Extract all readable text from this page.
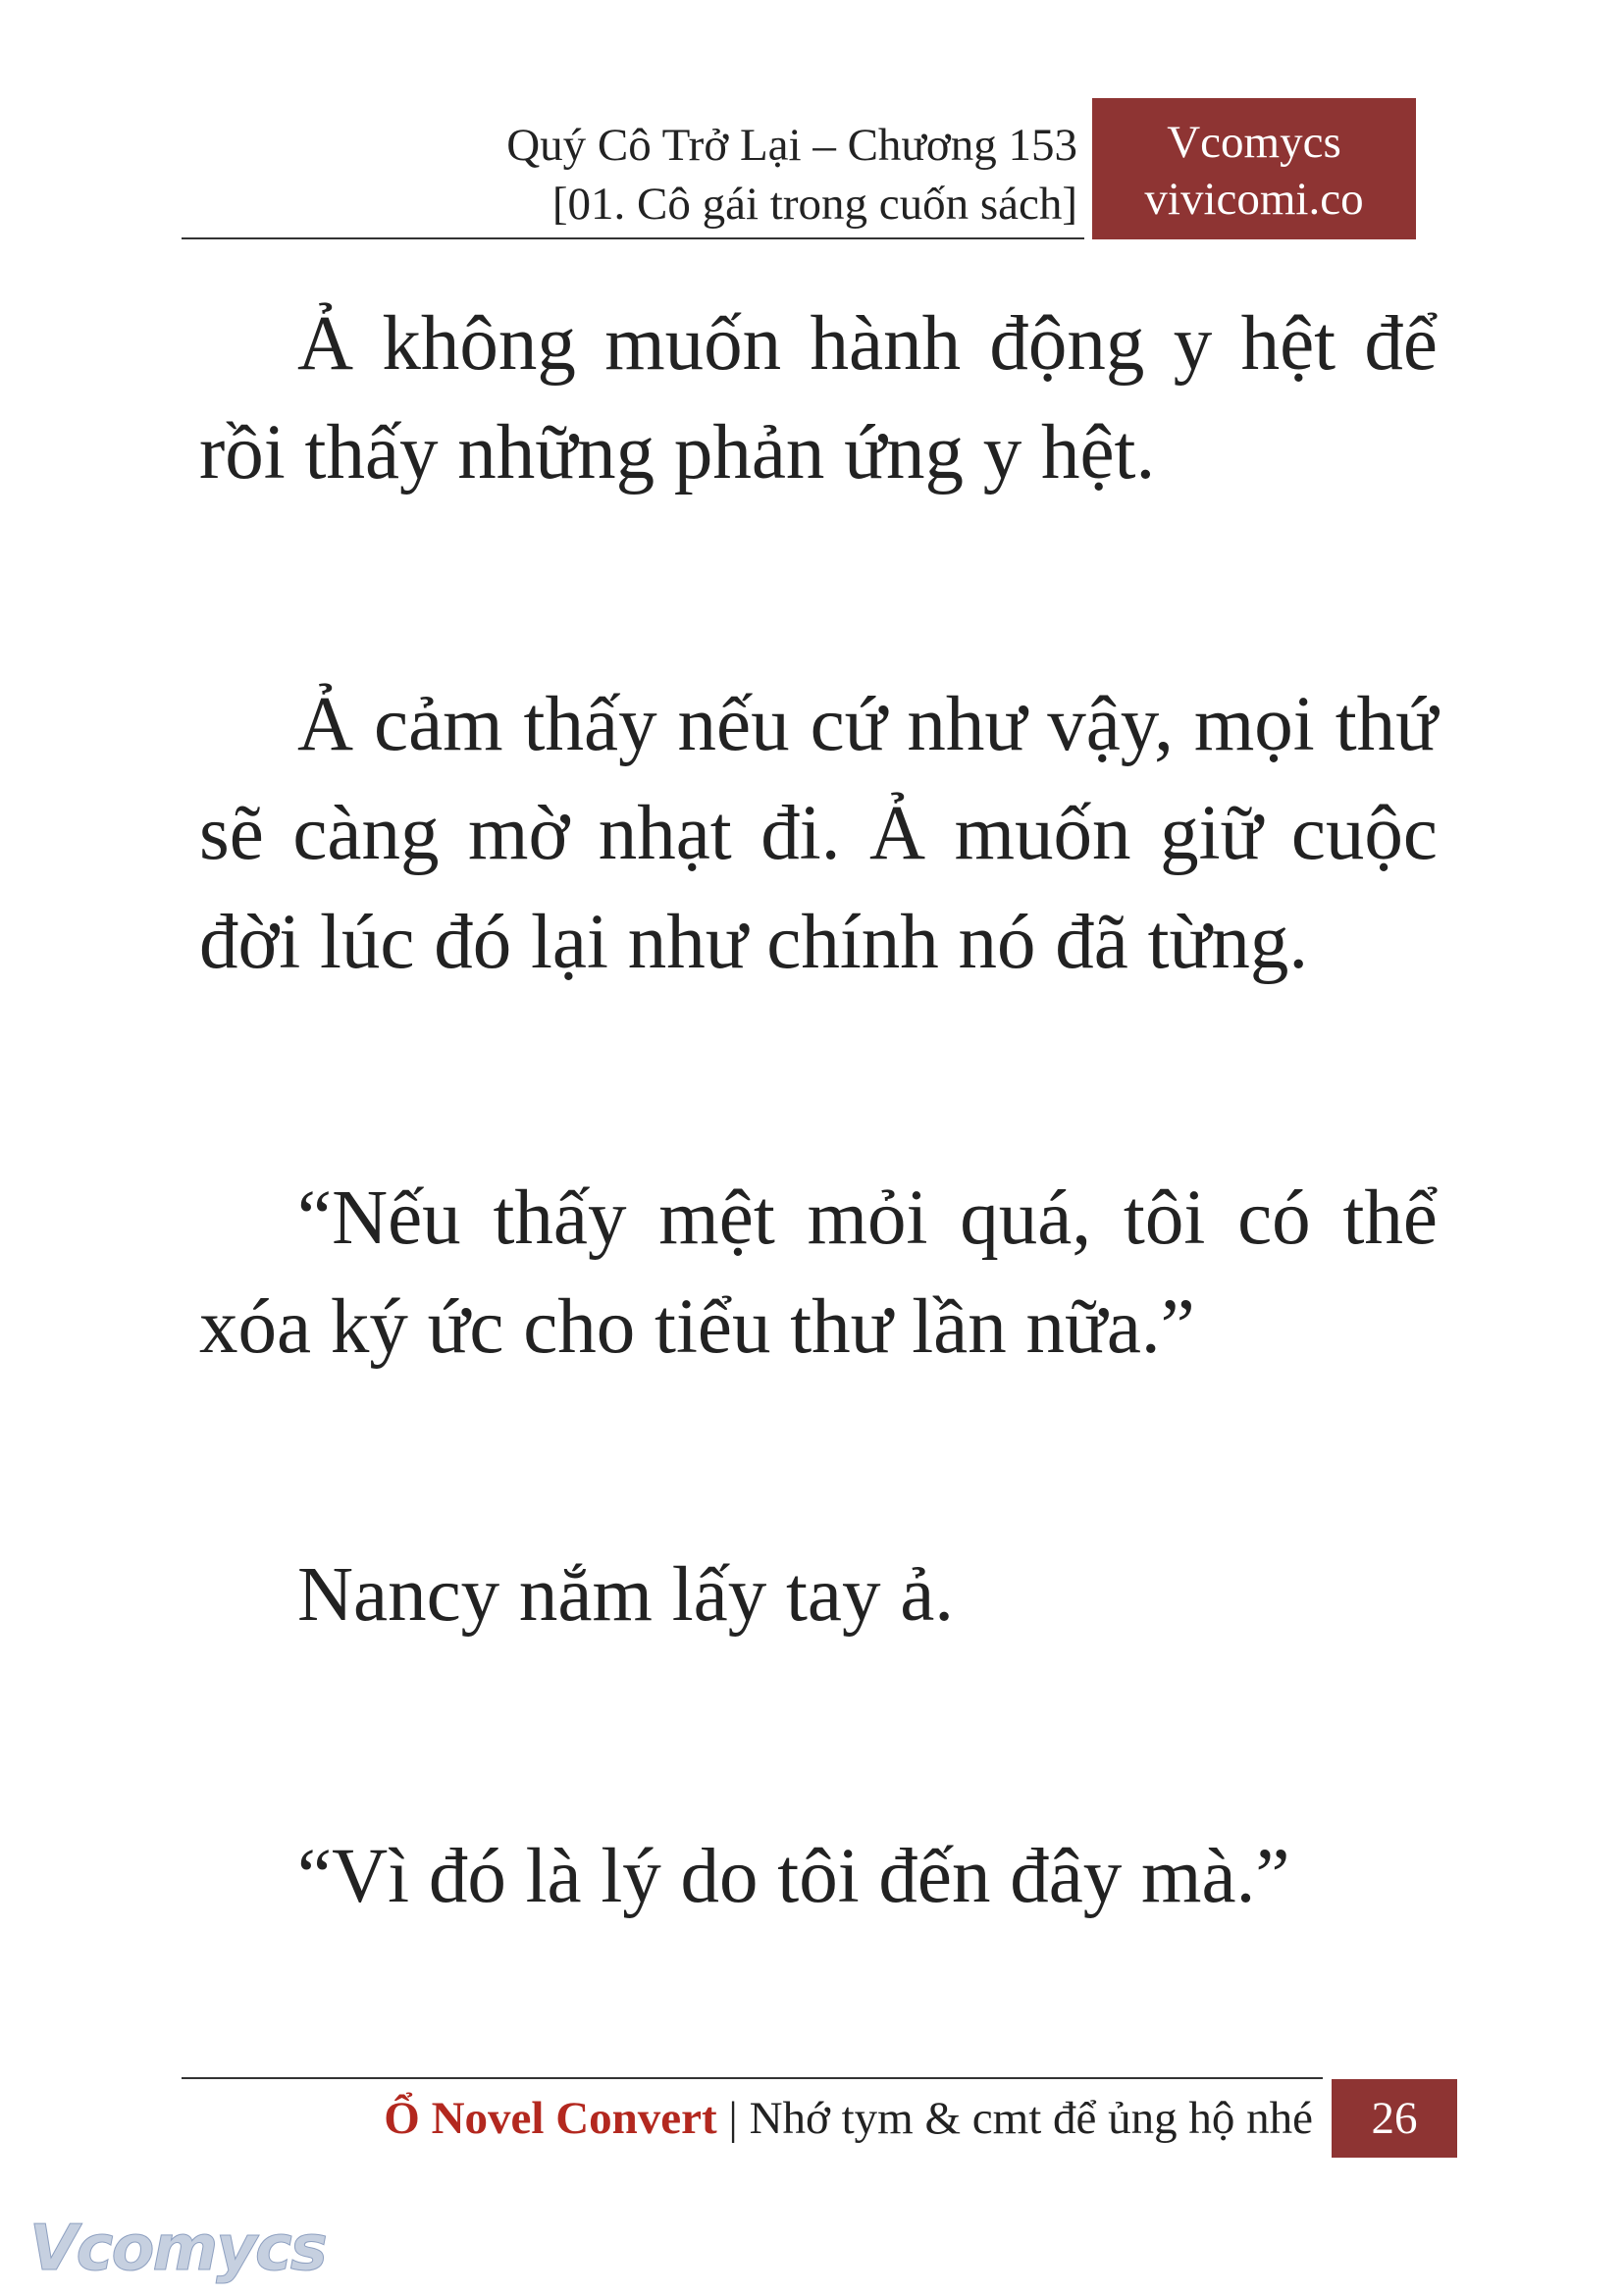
Quý Cô Trở Lại – Chương 153
[01. Cô gái trong cuốn sách]
Vcomycs
vivicomi.co

Ả không muốn hành động y hệt để rồi thấy những phản ứng y hệt.

Ả cảm thấy nếu cứ như vậy, mọi thứ sẽ càng mờ nhạt đi. Ả muốn giữ cuộc đời lúc đó lại như chính nó đã từng.

“Nếu thấy mệt mỏi quá, tôi có thể xóa ký ức cho tiểu thư lần nữa.”

Nancy nắm lấy tay ả.

“Vì đó là lý do tôi đến đây mà.”

Ổ Novel Convert | Nhớ tym & cmt để ủng hộ nhé	26
Vcomycs
